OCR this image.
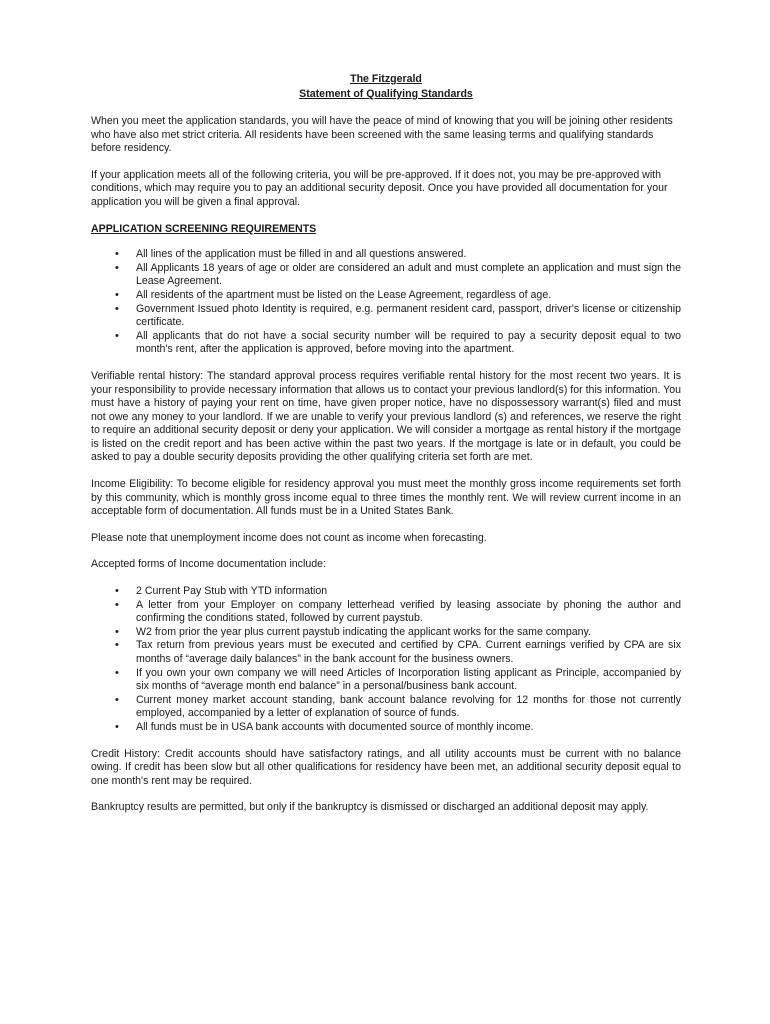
The Fitzgerald
Statement of Qualifying Standards

When you meet the application standards, you will have the peace of mind of knowing that you will be joining other residents who have also met strict criteria. All residents have been screened with the same leasing terms and qualifying standards before residency.

If your application meets all of the following criteria, you will be pre-approved. If it does not, you may be pre-approved with conditions, which may require you to pay an additional security deposit. Once you have provided all documentation for your application you will be given a final approval.

APPLICATION SCREENING REQUIREMENTS
• All lines of the application must be filled in and all questions answered.
• All Applicants 18 years of age or older are considered an adult and must complete an application and must sign the Lease Agreement.
• All residents of the apartment must be listed on the Lease Agreement, regardless of age.
• Government Issued photo Identity is required, e.g. permanent resident card, passport, driver's license or citizenship certificate.
• All applicants that do not have a social security number will be required to pay a security deposit equal to two month's rent, after the application is approved, before moving into the apartment.

Verifiable rental history: The standard approval process requires verifiable rental history for the most recent two years. It is your responsibility to provide necessary information that allows us to contact your previous landlord(s) for this information. You must have a history of paying your rent on time, have given proper notice, have no dispossessory warrant(s) filed and must not owe any money to your landlord. If we are unable to verify your previous landlord (s) and references, we reserve the right to require an additional security deposit or deny your application. We will consider a mortgage as rental history if the mortgage is listed on the credit report and has been active within the past two years. If the mortgage is late or in default, you could be asked to pay a double security deposits providing the other qualifying criteria set forth are met.

Income Eligibility: To become eligible for residency approval you must meet the monthly gross income requirements set forth by this community, which is monthly gross income equal to three times the monthly rent. We will review current income in an acceptable form of documentation. All funds must be in a United States Bank.

Please note that unemployment income does not count as income when forecasting.

Accepted forms of Income documentation include:

• 2 Current Pay Stub with YTD information
• A letter from your Employer on company letterhead verified by leasing associate by phoning the author and confirming the conditions stated, followed by current paystub.
• W2 from prior the year plus current paystub indicating the applicant works for the same company.
• Tax return from previous years must be executed and certified by CPA. Current earnings verified by CPA are six months of “average daily balances” in the bank account for the business owners.
• If you own your own company we will need Articles of Incorporation listing applicant as Principle, accompanied by six months of “average month end balance” in a personal/business bank account.
• Current money market account standing, bank account balance revolving for 12 months for those not currently employed, accompanied by a letter of explanation of source of funds.
• All funds must be in USA bank accounts with documented source of monthly income.

Credit History: Credit accounts should have satisfactory ratings, and all utility accounts must be current with no balance owing. If credit has been slow but all other qualifications for residency have been met, an additional security deposit equal to one month's rent may be required.

Bankruptcy results are permitted, but only if the bankruptcy is dismissed or discharged an additional deposit may apply.
